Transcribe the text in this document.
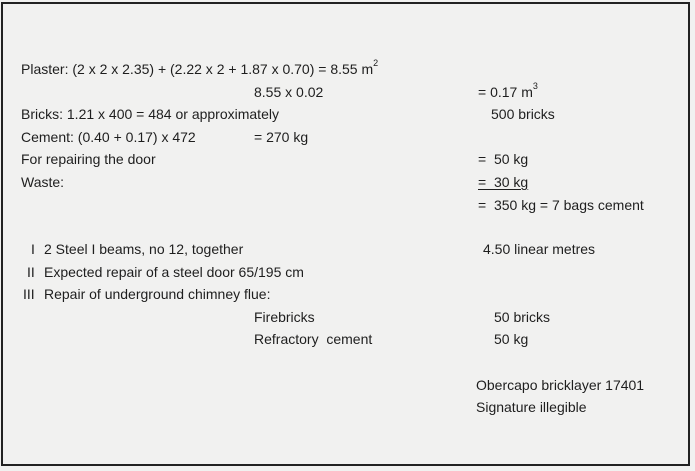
Plaster: (2 x 2 x 2.35) + (2.22 x 2 + 1.87 x 0.70) = 8.55 $m^2$
8.55 x 0.02	= 0.17 $m^3$
Bricks: 1.21 x 400 = 484 or approximately	500 bricks
Cement: (0.40 + 0.17) x 472	= 270 kg
For repairing the door	=  50 kg
Waste:	=  30 kg
=  350 kg = 7 bags cement
I 2 Steel I beams, no 12, together	4.50 linear metres
II Expected repair of a steel door 65/195 cm
III Repair of underground chimney flue:
Firebricks	50 bricks
Refractory  cement	50 kg
Obercapo bricklayer 17401
Signature illegible
